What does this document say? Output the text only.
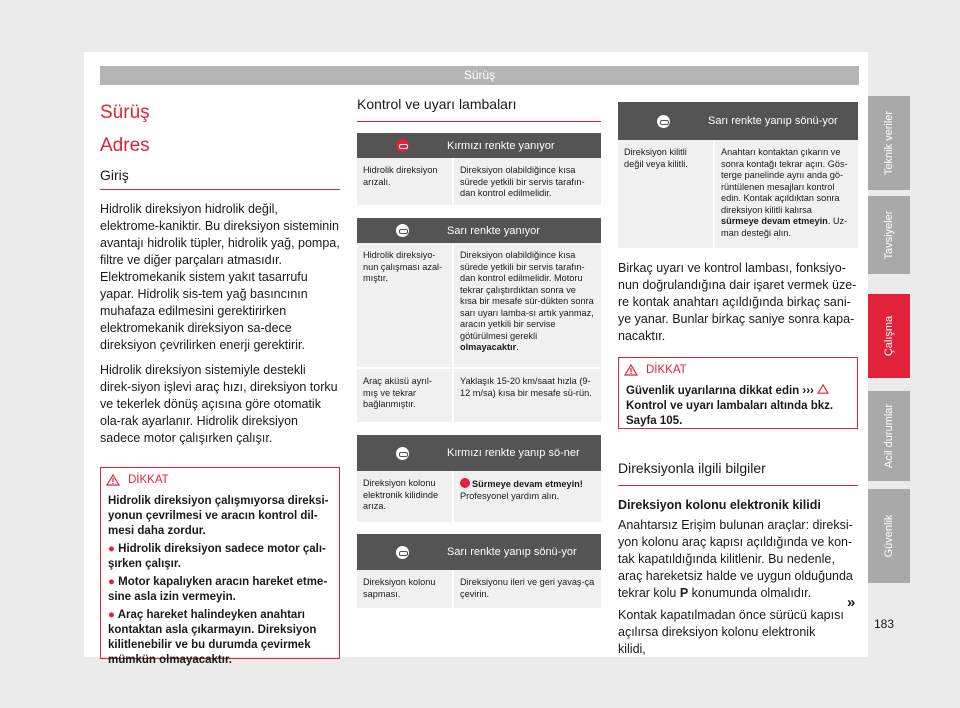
Sürüş
Teknik veriler
Tavsiyeler
Çalışma
Acil durumlar
Güvenlik
Sürüş
Adres
Giriş

Hidrolik direksiyon hidrolik değil, elektrome-kaniktir. Bu direksiyon sisteminin avantajı hidrolik tüpler, hidrolik yağ, pompa, filtre ve diğer parçaları atmasıdır. Elektromekanik sistem yakıt tasarrufu yapar. Hidrolik sis-tem yağ basıncının muhafaza edilmesini gerektirirken elektromekanik direksiyon sa-dece direksiyon çevrilirken enerji gerektirir.

Hidrolik direksiyon sistemiyle destekli direk-siyon işlevi araç hızı, direksiyon torku ve tekerlek dönüş açısına göre otomatik ola-rak ayarlanır. Hidrolik direksiyon sadece motor çalışırken çalışır.

DİKKAT
Hidrolik direksiyon çalışmıyorsa direksi-yonun çevrilmesi ve aracın kontrol dil-mesi daha zordur.
● Hidrolik direksiyon sadece motor çalı-şırken çalışır.
● Motor kapalıyken aracın hareket etme-sine asla izin vermeyin.
● Araç hareket halindeyken anahtarı kontaktan asla çıkarmayın. Direksiyon kilitlenebilir ve bu durumda çevirmek mümkün olmayacaktır.
Kontrol ve uyarı lambaları
Kırmızı renkte yanıyor
Hidrolik direksiyon arızalı.
Direksiyon olabildiğince kısa sürede yetkili bir servis tarafın-dan kontrol edilmelidir.
Sarı renkte yanıyor
Hidrolik direksiyo-nun çalışması azal-mıştır.
Direksiyon olabildiğince kısa sürede yetkili bir servis tarafın-dan kontrol edilmelidir. Motoru tekrar çalıştırdıktan sonra ve kısa bir mesafe sür-dükten sonra sarı uyarı lamba-sı artık yanmaz, aracın yetkili bir servise götürülmesi gerekli olmayacaktır.
Araç aküsü ayrıl-mış ve tekrar bağlanmıştır.
Yaklaşık 15-20 km/saat hızla (9-12 m/sa) kısa bir mesafe sü-rün.
Kırmızı renkte yanıp sö-ner
Direksiyon kolonu elektronik kilidinde arıza.
Sürmeye devam etmeyin!
Profesyonel yardım alın.
Sarı renkte yanıp sönü-yor
Direksiyon kolonu sapması.
Direksiyonu ileri ve geri yavaş-ça çevirin.
Sarı renkte yanıp sönü-yor
Direksiyon kilitli değil veya kilitli.
Anahtarı kontaktan çıkarın ve sonra kontağı tekrar açın. Gös-terge panelinde aynı anda gö-rüntülenen mesajları kontrol edin. Kontak açıldıktan sonra direksiyon kilitli kalırsa sürmeye devam etmeyin. Uz-man desteği alın.

Birkaç uyarı ve kontrol lambası, fonksiyo-nun doğrulandığına dair işaret vermek üze-re kontak anahtarı açıldığında birkaç sani-ye yanar. Bunlar birkaç saniye sonra kapa-nacaktır.

DİKKAT
Güvenlik uyarılarına dikkat edin ›››
Kontrol ve uyarı lambaları altında bkz. Sayfa 105.
Direksiyonla ilgili bilgiler
Direksiyon kolonu elektronik kilidi

Anahtarsız Erişim bulunan araçlar: direksi-yon kolonu araç kapısı açıldığında ve kon-tak kapatıldığında kilitlenir. Bu nedenle, araç hareketsiz halde ve uygun olduğunda tekrar kolu P konumunda olmalıdır.

Kontak kapatılmadan önce sürücü kapısı açılırsa direksiyon kolonu elektronik kilidi,

»
183
